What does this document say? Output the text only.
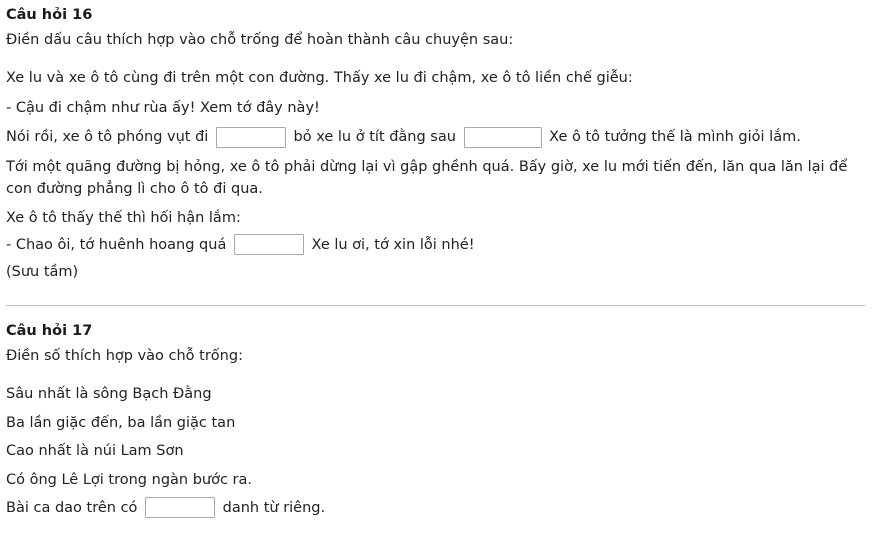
Câu hỏi 16
Điền dấu câu thích hợp vào chỗ trống để hoàn thành câu chuyện sau:
Xe lu và xe ô tô cùng đi trên một con đường. Thấy xe lu đi chậm, xe ô tô liền chế giễu:
- Cậu đi chậm như rùa ấy! Xem tớ đây này!
Nói rồi, xe ô tô phóng vụt đi	bỏ xe lu ở tít đằng sau	Xe ô tô tưởng thế là mình giỏi lắm.
Tới một quãng đường bị hỏng, xe ô tô phải dừng lại vì gập ghềnh quá. Bấy giờ, xe lu mới tiến đến, lăn qua lăn lại để con đường phẳng lì cho ô tô đi qua.
Xe ô tô thấy thế thì hối hận lắm:
- Chao ôi, tớ huênh hoang quá	Xe lu ơi, tớ xin lỗi nhé!
(Sưu tầm)
Câu hỏi 17
Điền số thích hợp vào chỗ trống:
Sâu nhất là sông Bạch Đằng
Ba lần giặc đến, ba lần giặc tan
Cao nhất là núi Lam Sơn
Có ông Lê Lợi trong ngàn bước ra.
Bài ca dao trên có	danh từ riêng.
